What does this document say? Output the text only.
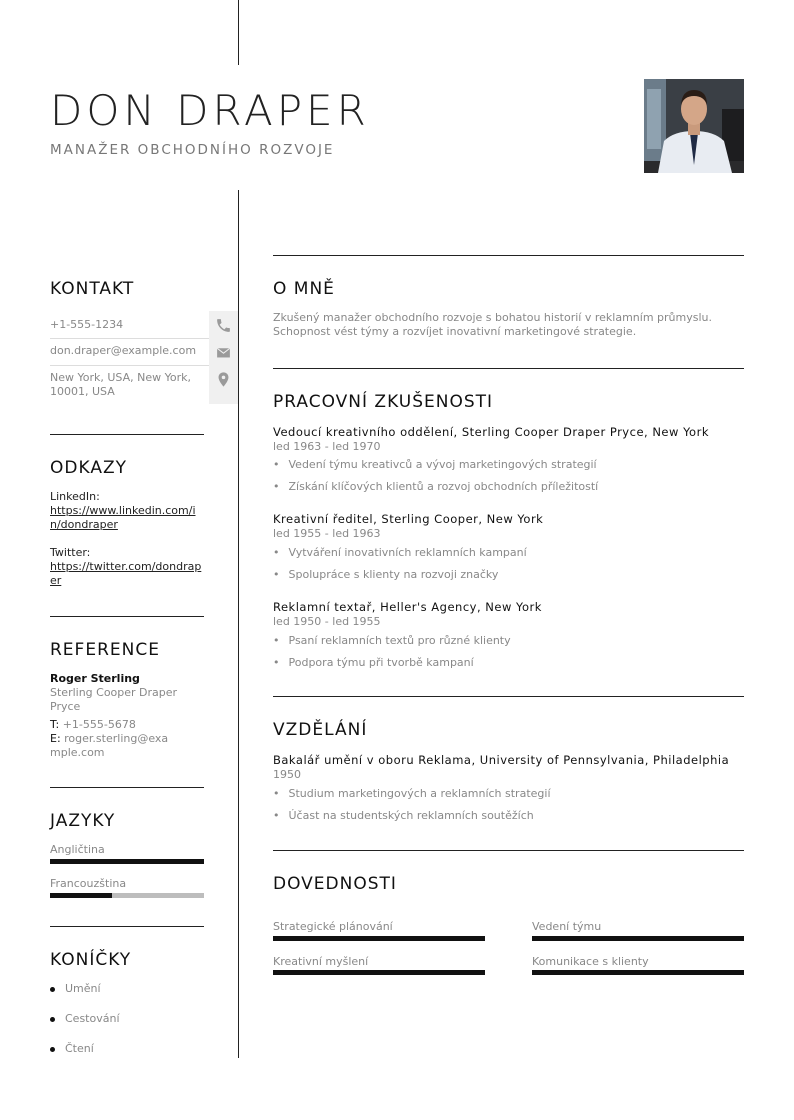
DON DRAPER
MANAŽER OBCHODNÍHO ROZVOJE
KONTAKT
+1-555-1234
don.draper@example.com
New York, USA, New York, 10001, USA
ODKAZY
LinkedIn:
https://www.linkedin.com/in/dondraper
Twitter:
https://twitter.com/dondraper
REFERENCE
Roger Sterling
Sterling Cooper Draper Pryce
T: +1-555-5678
E: roger.sterling@example.com
JAZYKY
Angličtina
Francouzština
KONÍČKY
Umění
Cestování
Čtení
O MNĚ
Zkušený manažer obchodního rozvoje s bohatou historií v reklamním průmyslu. Schopnost vést týmy a rozvíjet inovativní marketingové strategie.
PRACOVNÍ ZKUŠENOSTI
Vedoucí kreativního oddělení, Sterling Cooper Draper Pryce, New York
led 1963 - led 1970
• Vedení týmu kreativců a vývoj marketingových strategií
• Získání klíčových klientů a rozvoj obchodních příležitostí
Kreativní ředitel, Sterling Cooper, New York
led 1955 - led 1963
• Vytváření inovativních reklamních kampaní
• Spolupráce s klienty na rozvoji značky
Reklamní textař, Heller's Agency, New York
led 1950 - led 1955
• Psaní reklamních textů pro různé klienty
• Podpora týmu při tvorbě kampaní
VZDĚLÁNÍ
Bakalář umění v oboru Reklama, University of Pennsylvania, Philadelphia
1950
• Studium marketingových a reklamních strategií
• Účast na studentských reklamních soutěžích
DOVEDNOSTI
Strategické plánování	Vedení týmu
Kreativní myšlení	Komunikace s klienty
